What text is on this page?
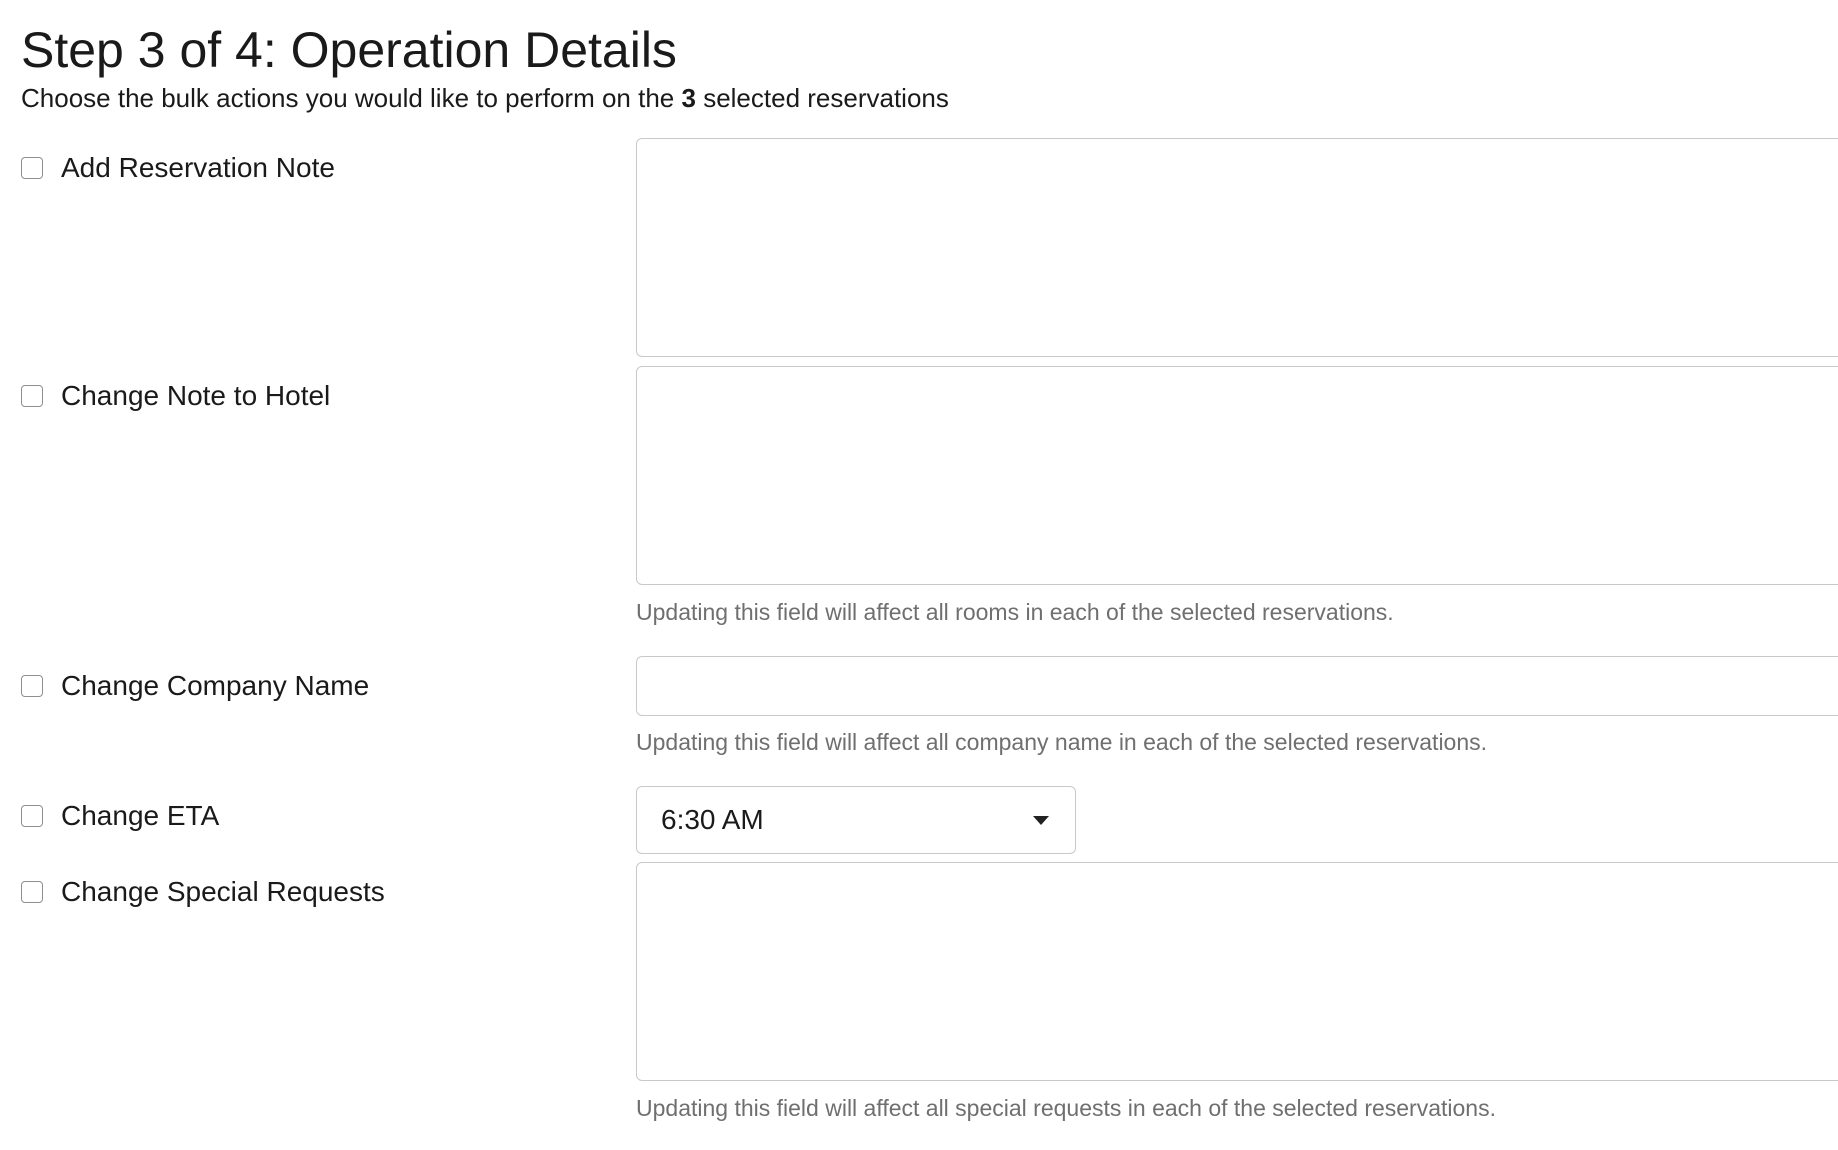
Step 3 of 4: Operation Details
Choose the bulk actions you would like to perform on the 3 selected reservations
Add Reservation Note
Change Note to Hotel
Updating this field will affect all rooms in each of the selected reservations.
Change Company Name
Updating this field will affect all company name in each of the selected reservations.
Change ETA	6:30 AM
Change Special Requests
Updating this field will affect all special requests in each of the selected reservations.
